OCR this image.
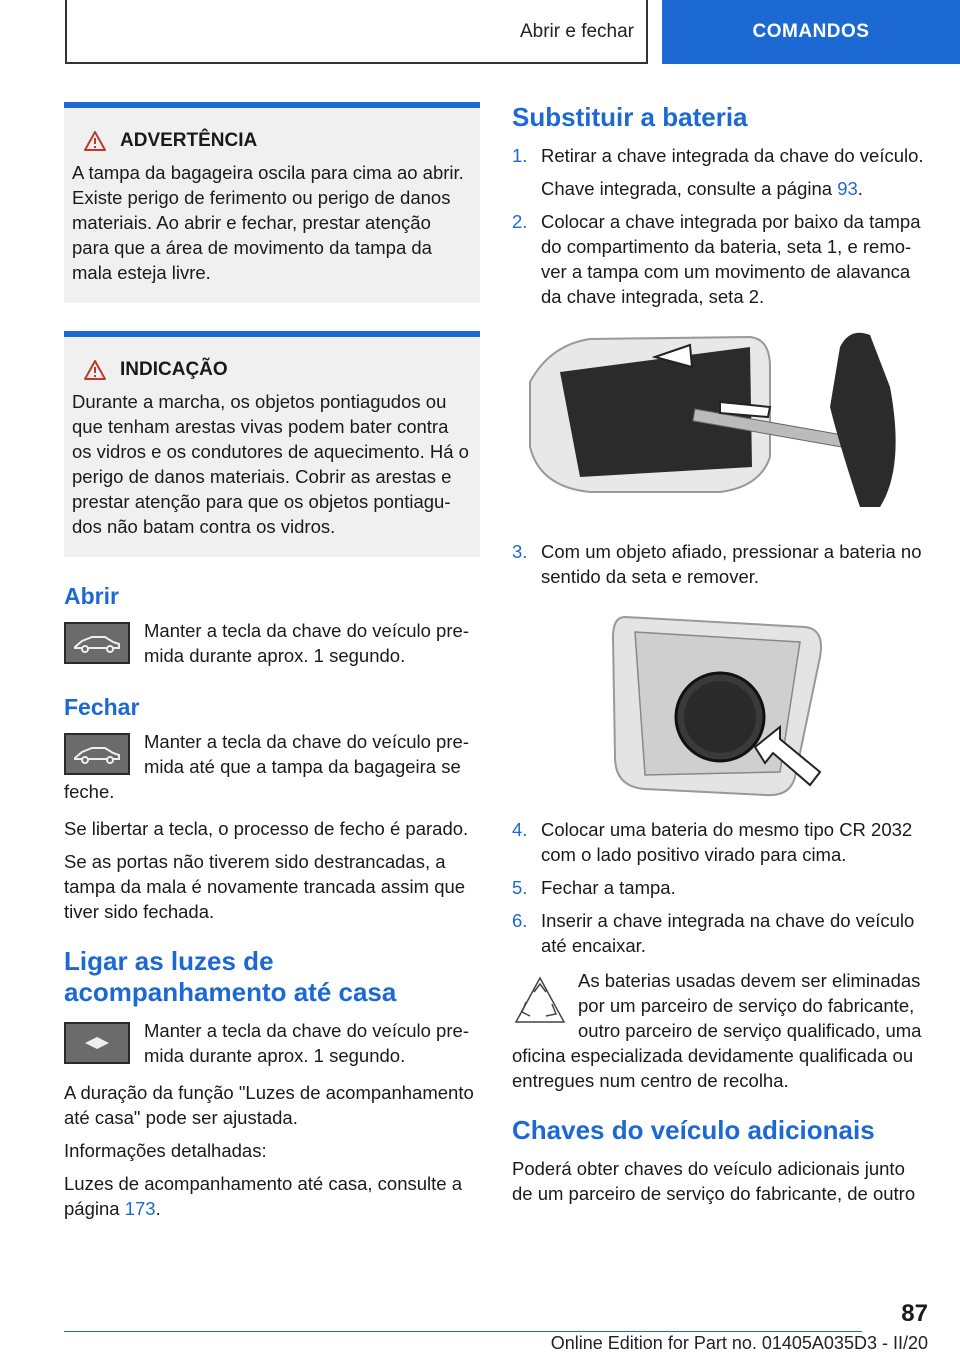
Abrir e fechar	COMANDOS
ADVERTÊNCIA
A tampa da bagageira oscila para cima ao abrir. Existe perigo de ferimento ou perigo de danos materiais. Ao abrir e fechar, prestar atenção para que a área de movimento da tampa da mala esteja livre.
INDICAÇÃO
Durante a marcha, os objetos pontiagudos ou que tenham arestas vivas podem bater contra os vidros e os condutores de aquecimento. Há o perigo de danos materiais. Cobrir as arestas e prestar atenção para que os objetos pontiagudos não batam contra os vidros.
Abrir
Manter a tecla da chave do veículo premida durante aprox. 1 segundo.
Fechar
Manter a tecla da chave do veículo premida até que a tampa da bagageira se feche.

Se libertar a tecla, o processo de fecho é parado.

Se as portas não tiverem sido destrancadas, a tampa da mala é novamente trancada assim que tiver sido fechada.

Ligar as luzes de acompanhamento até casa
Manter a tecla da chave do veículo premida durante aprox. 1 segundo.

A duração da função "Luzes de acompanhamento até casa" pode ser ajustada.

Informações detalhadas:

Luzes de acompanhamento até casa, consulte a página 173.

Substituir a bateria
1. Retirar a chave integrada da chave do veículo.
Chave integrada, consulte a página 93.
2. Colocar a chave integrada por baixo da tampa do compartimento da bateria, seta 1, e remover a tampa com um movimento de alavanca da chave integrada, seta 2.
3. Com um objeto afiado, pressionar a bateria no sentido da seta e remover.
4. Colocar uma bateria do mesmo tipo CR 2032 com o lado positivo virado para cima.
5. Fechar a tampa.
6. Inserir a chave integrada na chave do veículo até encaixar.
As baterias usadas devem ser eliminadas por um parceiro de serviço do fabricante, outro parceiro de serviço qualificado, uma oficina especializada devidamente qualificada ou entregues num centro de recolha.
Chaves do veículo adicionais

Poderá obter chaves do veículo adicionais junto de um parceiro de serviço do fabricante, de outro

87
Online Edition for Part no. 01405A035D3 - II/20
